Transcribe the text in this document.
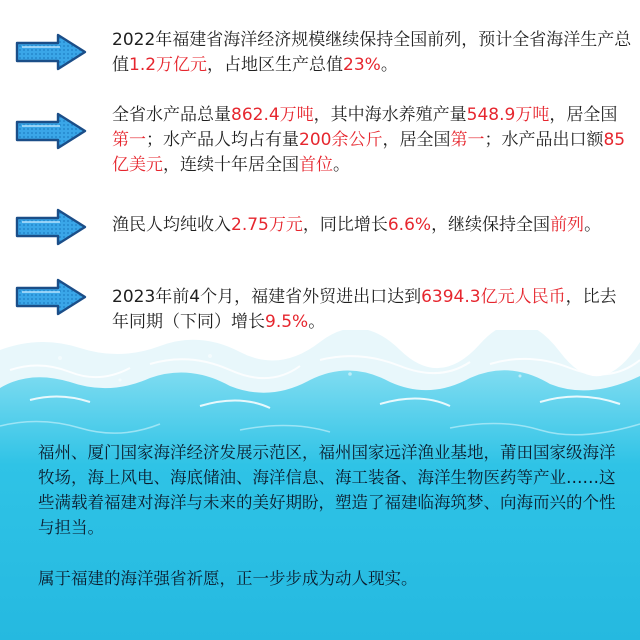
2022年福建省海洋经济规模继续保持全国前列，预计全省海洋生产总值1.2万亿元，占地区生产总值23%。

全省水产品总量862.4万吨，其中海水养殖产量548.9万吨，居全国第一；水产品人均占有量200余公斤，居全国第一；水产品出口额85亿美元，连续十年居全国首位。

渔民人均纯收入2.75万元，同比增长6.6%，继续保持全国前列。

2023年前4个月，福建省外贸进出口达到6394.3亿元人民币，比去年同期（下同）增长9.5%。

福州、厦门国家海洋经济发展示范区，福州国家远洋渔业基地，莆田国家级海洋牧场，海上风电、海底储油、海洋信息、海工装备、海洋生物医药等产业……这些满载着福建对海洋与未来的美好期盼，塑造了福建临海筑梦、向海而兴的个性与担当。

属于福建的海洋强省祈愿，正一步步成为动人现实。
